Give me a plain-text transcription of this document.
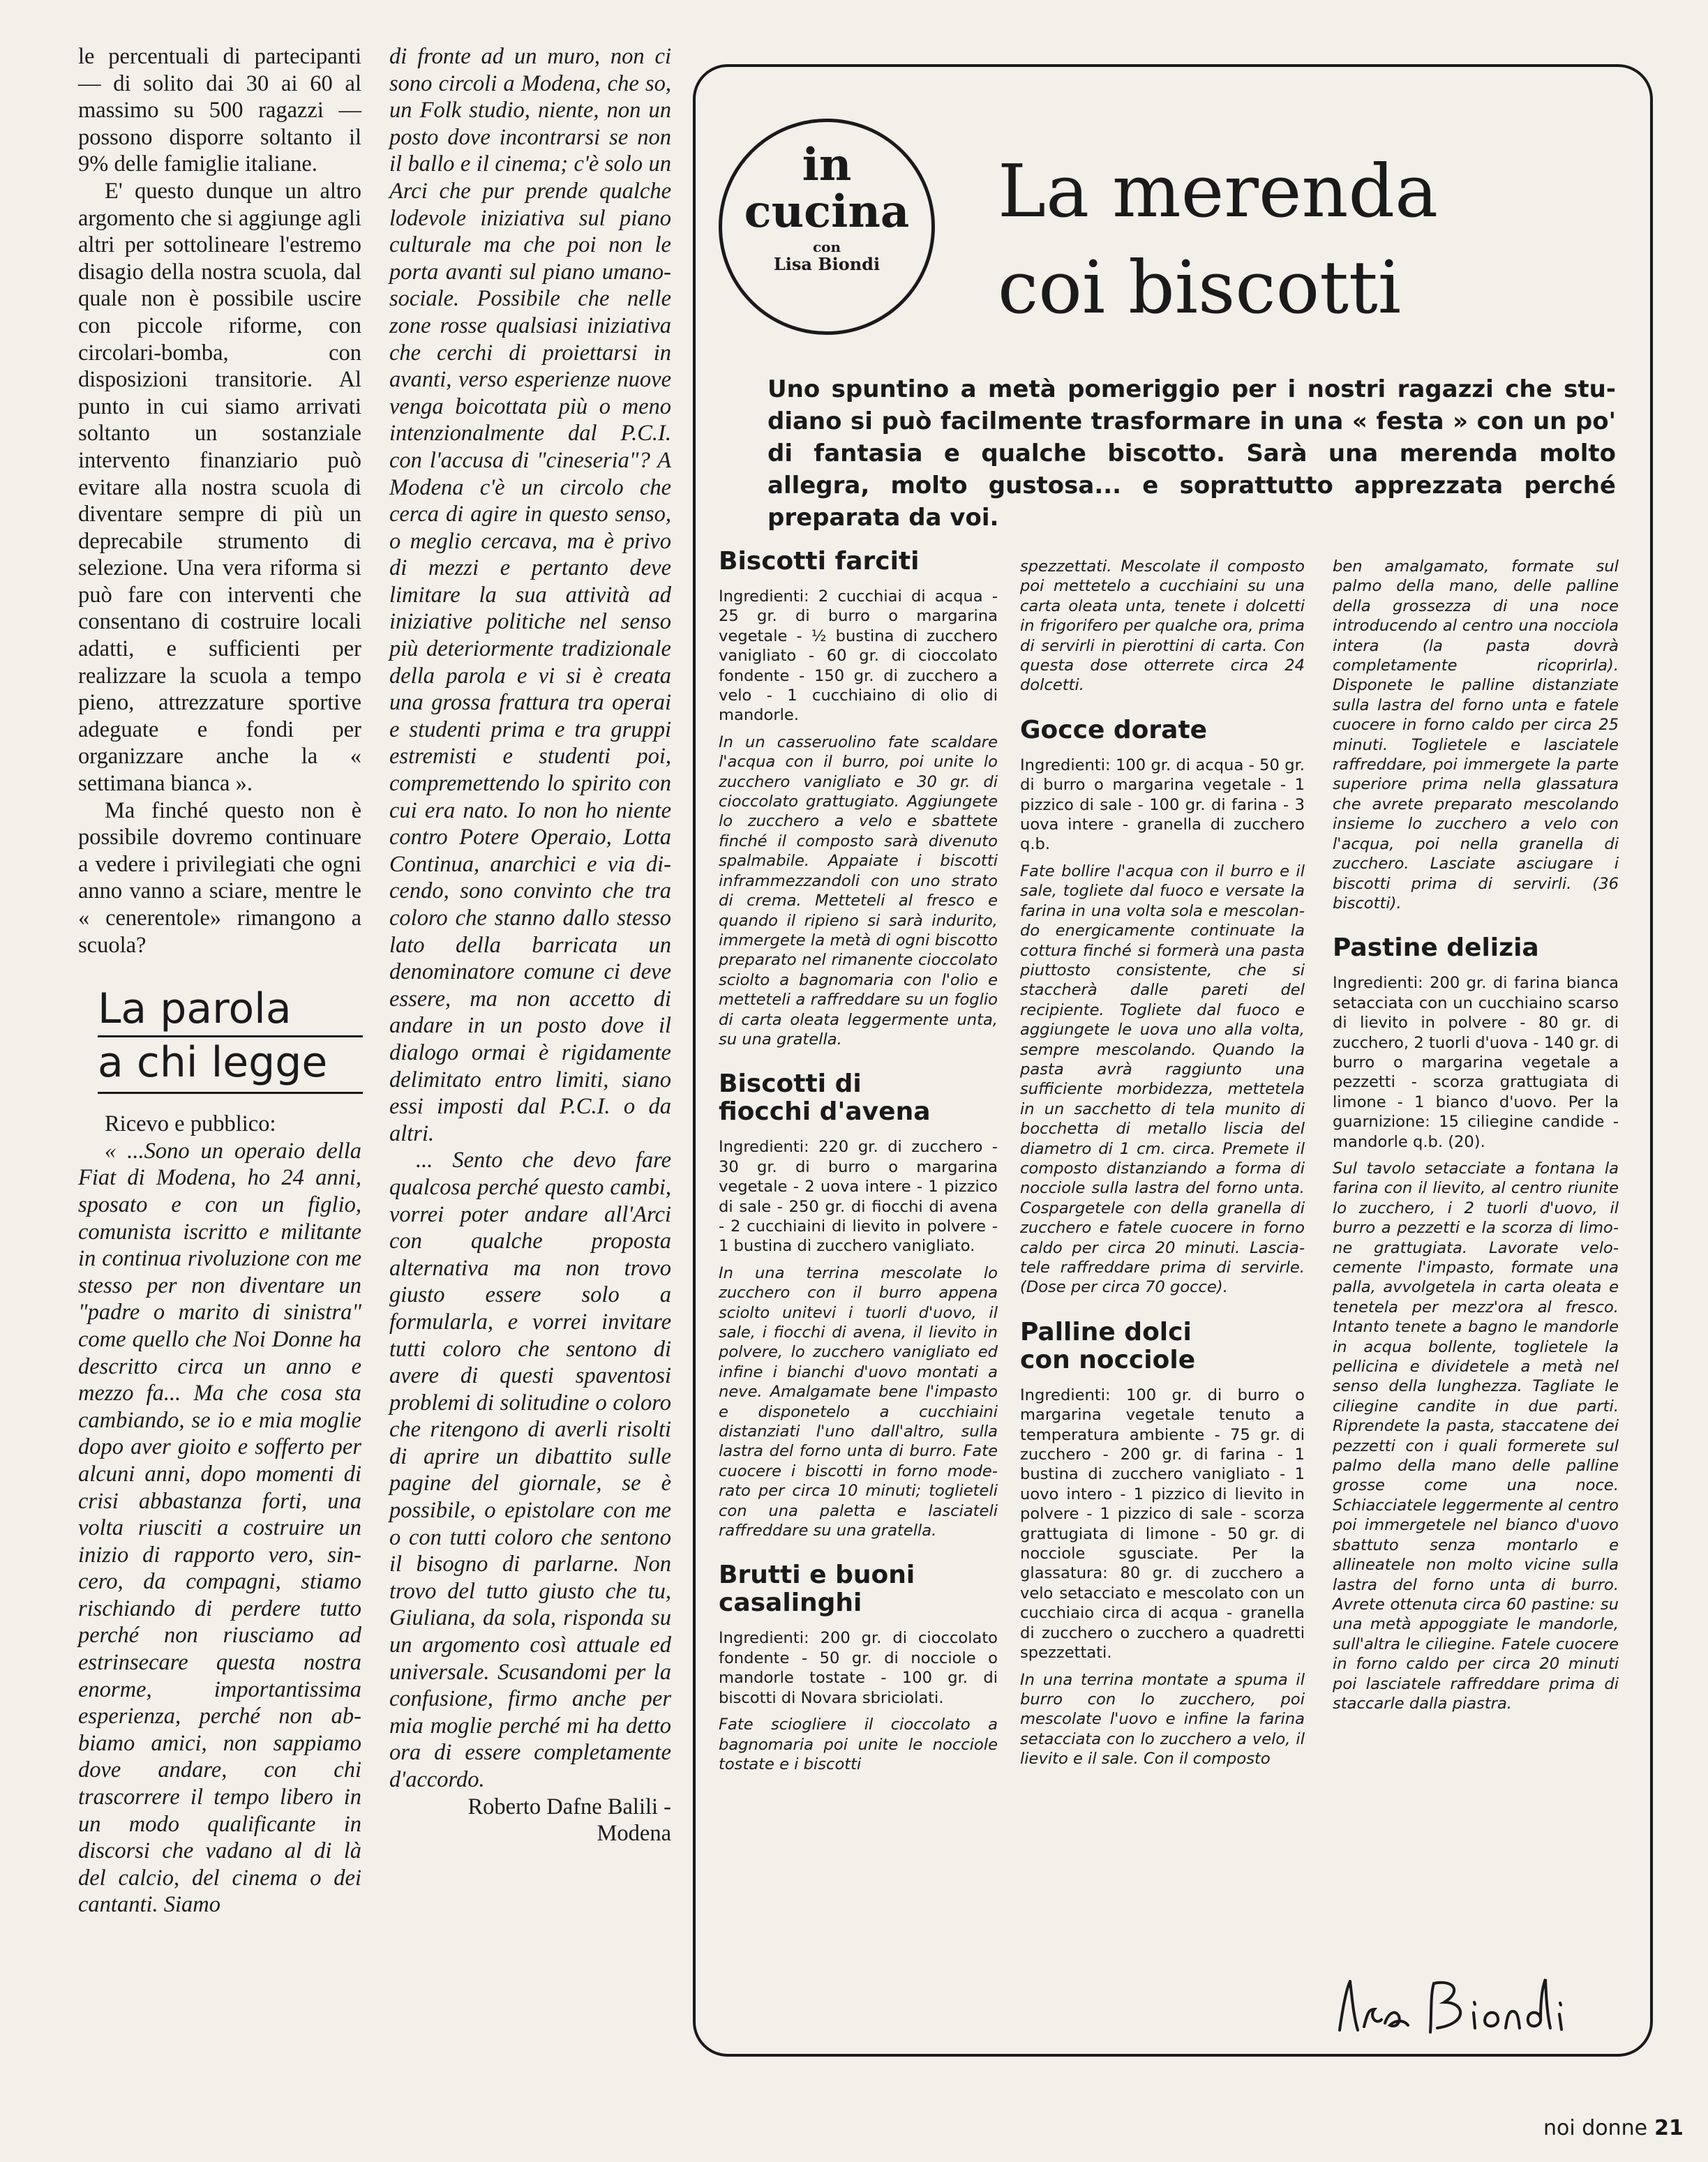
le percentuali di partecipanti — di solito dai 30 ai 60 al massimo su 500 ragazzi — possono disporre soltanto il 9% delle famiglie italiane.

E' questo dunque un altro argomento che si aggiunge agli altri per sottolineare l'estremo disagio della nostra scuola, dal quale non è possibile uscire con piccole riforme, con circolari-bomba, con disposizioni transitorie. Al punto in cui siamo arrivati soltanto un sostanziale intervento finanziario può evitare alla nostra scuola di diventare sempre di più un deprecabile strumento di selezione. Una vera riforma si può fare con interventi che consentano di costruire locali adatti, e sufficienti per realizzare la scuola a tempo pieno, attrezzature sportive adeguate e fondi per organizzare anche la « settimana bianca ».

Ma finché questo non è possibile dovremo continuare a vedere i privilegiati che ogni anno vanno a sciare, mentre le « cenerentole» rimangono a scuola?

La parola
a chi legge

Ricevo e pubblico:

« ...Sono un operaio della Fiat di Modena, ho 24 anni, sposato e con un figlio, comunista iscritto e militante in continua rivoluzione con me stesso per non diventare un "padre o marito di sinistra" come quello che Noi Donne ha descritto circa un anno e mezzo fa... Ma che cosa sta cambiando, se io e mia moglie dopo aver gioito e sofferto per alcuni anni, dopo momenti di crisi abbastanza forti, una volta riusciti a costruire un inizio di rapporto vero, sincero, da compagni, stiamo rischiando di perdere tutto perché non riusciamo ad estrinsecare questa nostra enorme, importantissima esperienza, perché non abbiamo amici, non sappiamo dove andare, con chi trascorrere il tempo libero in un modo qualificante in discorsi che vadano al di là del calcio, del cinema o dei cantanti. Siamo

di fronte ad un muro, non ci sono circoli a Modena, che so, un Folk studio, niente, non un posto dove incontrarsi se non il ballo e il cinema; c'è solo un Arci che pur prende qualche lodevole iniziativa sul piano culturale ma che poi non le porta avanti sul piano umano-sociale. Possibile che nelle zone rosse qualsiasi iniziativa che cerchi di proiettarsi in avanti, verso esperienze nuove venga boicottata più o meno intenzionalmente dal P.C.I. con l'accusa di "cineseria"? A Modena c'è un circolo che cerca di agire in questo senso, o meglio cercava, ma è privo di mezzi e pertanto deve limitare la sua attività ad iniziative politiche nel senso più deteriormente tradizionale della parola e vi si è creata una grossa frattura tra operai e studenti prima e tra gruppi estremisti e studenti poi, compremettendo lo spirito con cui era nato. Io non ho niente contro Potere Operaio, Lotta Continua, anarchici e via dicendo, sono convinto che tra coloro che stanno dallo stesso lato della barricata un denominatore comune ci deve essere, ma non accetto di andare in un posto dove il dialogo ormai è rigidamente delimitato entro limiti, siano essi imposti dal P.C.I. o da altri.

... Sento che devo fare qualcosa perché questo cambi, vorrei poter andare all'Arci con qualche proposta alternativa ma non trovo giusto essere solo a formularla, e vorrei invitare tutti coloro che sentono di avere di questi spaventosi problemi di solitudine o coloro che ritengono di averli risolti di aprire un dibattito sulle pagine del giornale, se è possibile, o epistolare con me o con tutti coloro che sentono il bisogno di parlarne. Non trovo del tutto giusto che tu, Giuliana, da sola, risponda su un argomento così attuale ed universale. Scusandomi per la confusione, firmo anche per mia moglie perché mi ha detto ora di essere completamente d'accordo.

Roberto Dafne Balili - Modena

in
cucina
con
Lisa Biondi
La merenda
coi biscotti
Uno spuntino a metà pomeriggio per i nostri ragazzi che studiano si può facilmente trasformare in una « festa » con un po' di fantasia e qualche biscotto. Sarà una merenda molto allegra, molto gustosa... e soprattutto apprezzata perché preparata da voi.
Biscotti farciti

Ingredienti: 2 cucchiai di acqua - 25 gr. di burro o margarina vegetale - ½ bustina di zucchero vanigliato - 60 gr. di cioccolato fondente - 150 gr. di zucchero a velo - 1 cucchiaino di olio di mandorle.

In un casseruolino fate scaldare l'acqua con il burro, poi unite lo zucchero vanigliato e 30 gr. di cioccolato grattugiato. Aggiungete lo zucchero a velo e sbattete finché il composto sarà divenuto spalmabile. Appaiate i biscotti inframmezzandoli con uno strato di crema. Metteteli al fresco e quando il ripieno si sarà indurito, immergete la metà di ogni biscotto preparato nel rimanente cioccolato sciolto a bagnomaria con l'olio e metteteli a raffreddare su un foglio di carta oleata leggermente unta, su una gratella.

Biscotti di
fiocchi d'avena

Ingredienti: 220 gr. di zucchero - 30 gr. di burro o margarina vegetale - 2 uova intere - 1 pizzico di sale - 250 gr. di fiocchi di avena - 2 cucchiaini di lievito in polvere - 1 bustina di zucchero vanigliato.

In una terrina mescolate lo zucchero con il burro appena sciolto unitevi i tuorli d'uovo, il sale, i fiocchi di avena, il lievito in polvere, lo zucchero vanigliato ed infine i bianchi d'uovo montati a neve. Amalgamate bene l'impasto e disponetelo a cucchiaini distanziati l'uno dall'altro, sulla lastra del forno unta di burro. Fate cuocere i biscotti in forno moderato per circa 10 minuti; toglieteli con una paletta e lasciateli raffreddare su una gratella.

Brutti e buoni
casalinghi

Ingredienti: 200 gr. di cioccolato fondente - 50 gr. di nocciole o mandorle tostate - 100 gr. di biscotti di Novara sbriciolati.

Fate sciogliere il cioccolato a bagnomaria poi unite le nocciole tostate e i biscotti

spezzettati. Mescolate il composto poi mettetelo a cucchiaini su una carta oleata unta, tenete i dolcetti in frigorifero per qualche ora, prima di servirli in pierottini di carta. Con questa dose otterrete circa 24 dolcetti.

Gocce dorate

Ingredienti: 100 gr. di acqua - 50 gr. di burro o margarina vegetale - 1 pizzico di sale - 100 gr. di farina - 3 uova intere - granella di zucchero q.b.

Fate bollire l'acqua con il burro e il sale, togliete dal fuoco e versate la farina in una volta sola e mescolando energicamente continuate la cottura finché si formerà una pasta piuttosto consistente, che si staccherà dalle pareti del recipiente. Togliete dal fuoco e aggiungete le uova uno alla volta, sempre mescolando. Quando la pasta avrà raggiunto una sufficiente morbidezza, mettetela in un sacchetto di tela munito di bocchetta di metallo liscia del diametro di 1 cm. circa. Premete il composto distanziando a forma di nocciole sulla lastra del forno unta. Cospargetele con della granella di zucchero e fatele cuocere in forno caldo per circa 20 minuti. Lasciatele raffreddare prima di servirle. (Dose per circa 70 gocce).

Palline dolci
con nocciole

Ingredienti: 100 gr. di burro o margarina vegetale tenuto a temperatura ambiente - 75 gr. di zucchero - 200 gr. di farina - 1 bustina di zucchero vanigliato - 1 uovo intero - 1 pizzico di lievito in polvere - 1 pizzico di sale - scorza grattugiata di limone - 50 gr. di nocciole sgusciate. Per la glassatura: 80 gr. di zucchero a velo setacciato e mescolato con un cucchiaio circa di acqua - granella di zucchero o zucchero a quadretti spezzettati.

In una terrina montate a spuma il burro con lo zucchero, poi mescolate l'uovo e infine la farina setacciata con lo zucchero a velo, il lievito e il sale. Con il composto

ben amalgamato, formate sul palmo della mano, delle palline della grossezza di una noce introducendo al centro una nocciola intera (la pasta dovrà completamente ricoprirla). Disponete le palline distanziate sulla lastra del forno unta e fatele cuocere in forno caldo per circa 25 minuti. Toglietele e lasciatele raffreddare, poi immergete la parte superiore prima nella glassatura che avrete preparato mescolando insieme lo zucchero a velo con l'acqua, poi nella granella di zucchero. Lasciate asciugare i biscotti prima di servirli. (36 biscotti).

Pastine delizia

Ingredienti: 200 gr. di farina bianca setacciata con un cucchiaino scarso di lievito in polvere - 80 gr. di zucchero, 2 tuorli d'uova - 140 gr. di burro o margarina vegetale a pezzetti - scorza grattugiata di limone - 1 bianco d'uovo. Per la guarnizione: 15 ciliegine candide - mandorle q.b. (20).

Sul tavolo setacciate a fontana la farina con il lievito, al centro riunite lo zucchero, i 2 tuorli d'uovo, il burro a pezzetti e la scorza di limone grattugiata. Lavorate velocemente l'impasto, formate una palla, avvolgetela in carta oleata e tenetela per mezz'ora al fresco. Intanto tenete a bagno le mandorle in acqua bollente, toglietele la pellicina e dividetele a metà nel senso della lunghezza. Tagliate le ciliegine candite in due parti. Riprendete la pasta, staccatene dei pezzetti con i quali formerete sul palmo della mano delle palline grosse come una noce. Schiacciatele leggermente al centro poi immergetele nel bianco d'uovo sbattuto senza montarlo e allineatele non molto vicine sulla lastra del forno unta di burro. Avrete ottenuta circa 60 pastine: su una metà appoggiate le mandorle, sull'altra le ciliegine. Fatele cuocere in forno caldo per circa 20 minuti poi lasciatele raffreddare prima di staccarle dalla piastra.

noi donne 21
